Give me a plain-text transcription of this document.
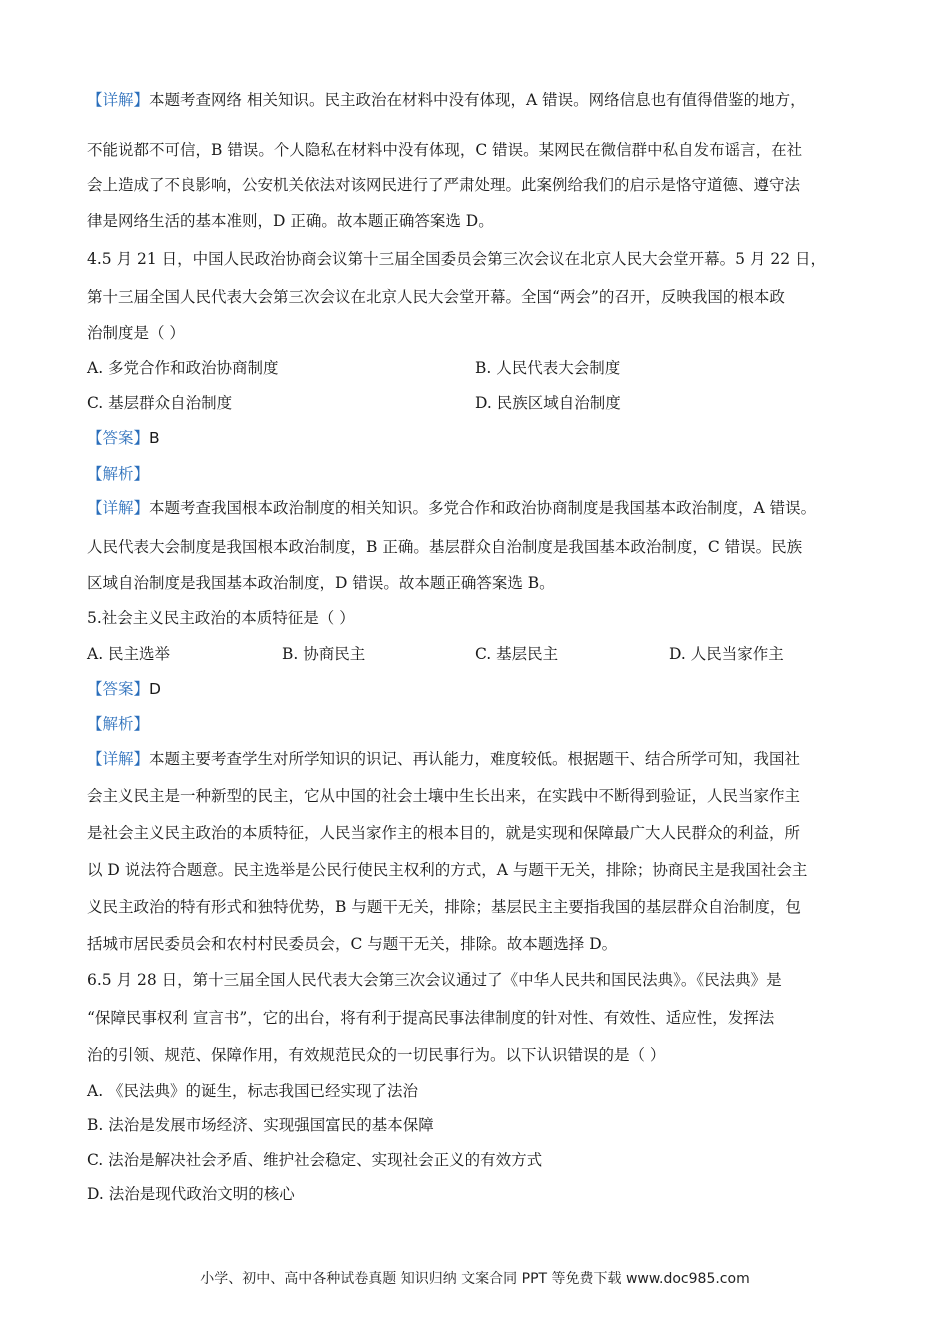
【详解】本题考查网络 相关知识。民主政治在材料中没有体现，A 错误。网络信息也有值得借鉴的地方，
不能说都不可信，B 错误。个人隐私在材料中没有体现，C 错误。某网民在微信群中私自发布谣言，在社
会上造成了不良影响，公安机关依法对该网民进行了严肃处理。此案例给我们的启示是恪守道德、遵守法
律是网络生活的基本准则，D 正确。故本题正确答案选 D。
4.5 月 21 日，中国人民政治协商会议第十三届全国委员会第三次会议在北京人民大会堂开幕。5 月 22 日，
第十三届全国人民代表大会第三次会议在北京人民大会堂开幕。全国“两会”的召开，反映我国的根本政
治制度是（ ）
A. 多党合作和政治协商制度	B. 人民代表大会制度
C. 基层群众自治制度	D. 民族区域自治制度
【答案】B
【解析】
【详解】本题考查我国根本政治制度的相关知识。多党合作和政治协商制度是我国基本政治制度，A 错误。
人民代表大会制度是我国根本政治制度，B 正确。基层群众自治制度是我国基本政治制度，C 错误。民族
区域自治制度是我国基本政治制度，D 错误。故本题正确答案选 B。
5.社会主义民主政治的本质特征是（ ）
A. 民主选举	B. 协商民主	C. 基层民主	D. 人民当家作主
【答案】D
【解析】
【详解】本题主要考查学生对所学知识的识记、再认能力，难度较低。根据题干、结合所学可知，我国社
会主义民主是一种新型的民主，它从中国的社会土壤中生长出来，在实践中不断得到验证，人民当家作主
是社会主义民主政治的本质特征，人民当家作主的根本目的，就是实现和保障最广大人民群众的利益，所
以 D 说法符合题意。民主选举是公民行使民主权利的方式，A 与题干无关，排除；协商民主是我国社会主
义民主政治的特有形式和独特优势，B 与题干无关，排除；基层民主主要指我国的基层群众自治制度，包
括城市居民委员会和农村村民委员会，C 与题干无关，排除。故本题选择 D。
6.5 月 28 日，第十三届全国人民代表大会第三次会议通过了《中华人民共和国民法典》。《民法典》是
“保障民事权利 宣言书”，它的出台，将有利于提高民事法律制度的针对性、有效性、适应性，发挥法
治的引领、规范、保障作用，有效规范民众的一切民事行为。以下认识错误的是（ ）
A. 《民法典》的诞生，标志我国已经实现了法治
B. 法治是发展市场经济、实现强国富民的基本保障
C. 法治是解决社会矛盾、维护社会稳定、实现社会正义的有效方式
D. 法治是现代政治文明的核心
小学、初中、高中各种试卷真题 知识归纳 文案合同 PPT 等免费下载 www.doc985.com
